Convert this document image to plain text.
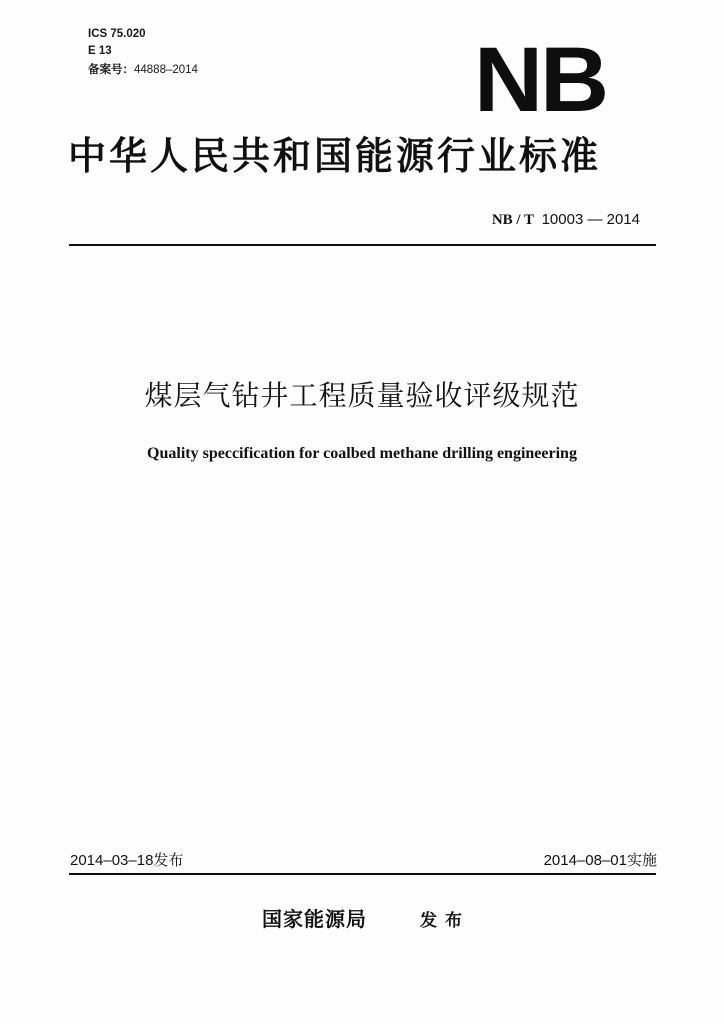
ICS 75.020
E 13
备案号：44888–2014	NB
中华人民共和国能源行业标准
NB / T 10003 — 2014
煤层气钻井工程质量验收评级规范
Quality speccification for coalbed methane drilling engineering
2014–03–18发布	2014–08–01实施
国家能源局	发布
